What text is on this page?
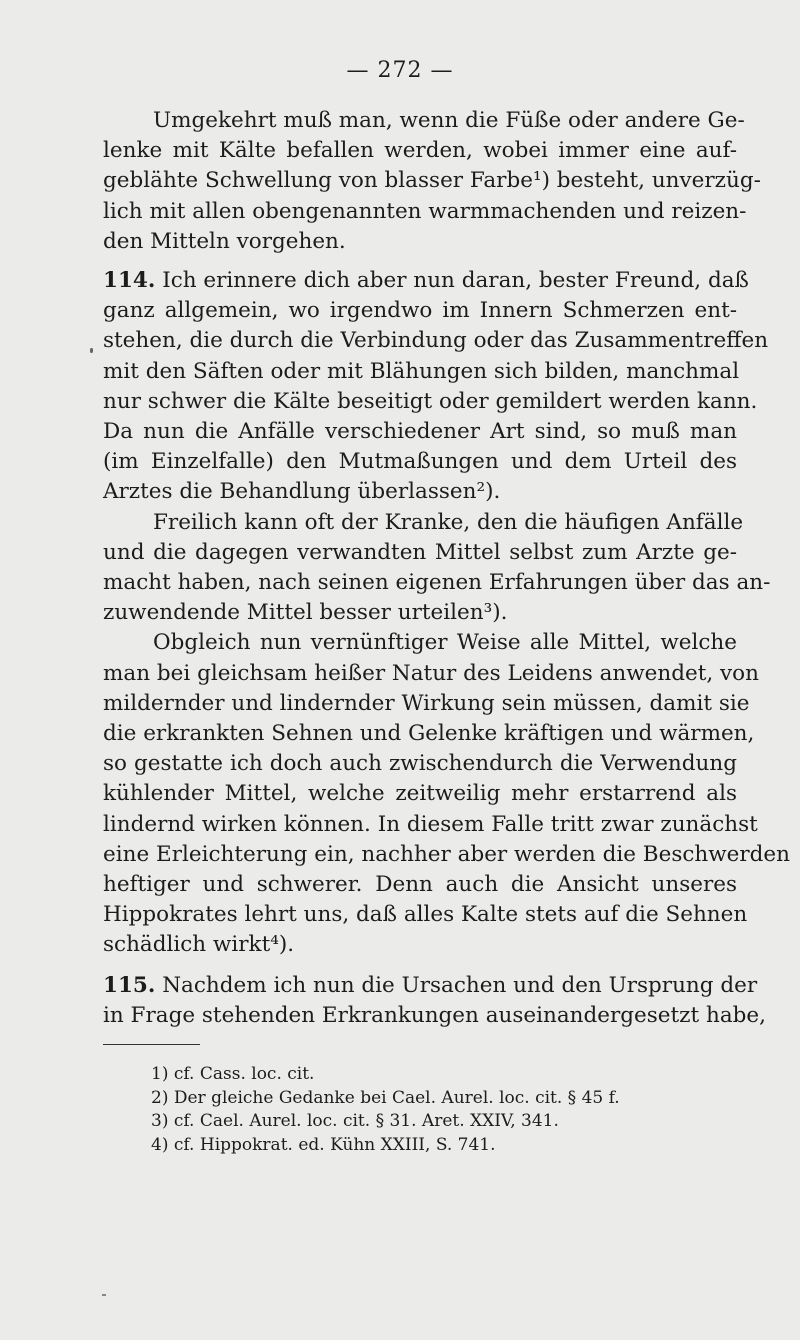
— 272 —
Umgekehrt muß man, wenn die Füße oder andere Ge-
lenke mit Kälte befallen werden, wobei immer eine auf-
geblähte Schwellung von blasser Farbe¹) besteht, unverzüg-
lich mit allen obengenannten warmmachenden und reizen-
den Mitteln vorgehen.
114. Ich erinnere dich aber nun daran, bester Freund, daß
ganz allgemein, wo irgendwo im Innern Schmerzen ent-
stehen, die durch die Verbindung oder das Zusammentreffen
mit den Säften oder mit Blähungen sich bilden, manchmal
nur schwer die Kälte beseitigt oder gemildert werden kann.
Da nun die Anfälle verschiedener Art sind, so muß man
(im Einzelfalle) den Mutmaßungen und dem Urteil des
Arztes die Behandlung überlassen²).
Freilich kann oft der Kranke, den die häufigen Anfälle
und die dagegen verwandten Mittel selbst zum Arzte ge-
macht haben, nach seinen eigenen Erfahrungen über das an-
zuwendende Mittel besser urteilen³).
Obgleich nun vernünftiger Weise alle Mittel, welche
man bei gleichsam heißer Natur des Leidens anwendet, von
mildernder und lindernder Wirkung sein müssen, damit sie
die erkrankten Sehnen und Gelenke kräftigen und wärmen,
so gestatte ich doch auch zwischendurch die Verwendung
kühlender Mittel, welche zeitweilig mehr erstarrend als
lindernd wirken können. In diesem Falle tritt zwar zunächst
eine Erleichterung ein, nachher aber werden die Beschwerden
heftiger und schwerer. Denn auch die Ansicht unseres
Hippokrates lehrt uns, daß alles Kalte stets auf die Sehnen
schädlich wirkt⁴).
115. Nachdem ich nun die Ursachen und den Ursprung der
in Frage stehenden Erkrankungen auseinandergesetzt habe,
1) cf. Cass. loc. cit.
2) Der gleiche Gedanke bei Cael. Aurel. loc. cit. § 45 f.
3) cf. Cael. Aurel. loc. cit. § 31. Aret. XXIV, 341.
4) cf. Hippokrat. ed. Kühn XXIII, S. 741.
